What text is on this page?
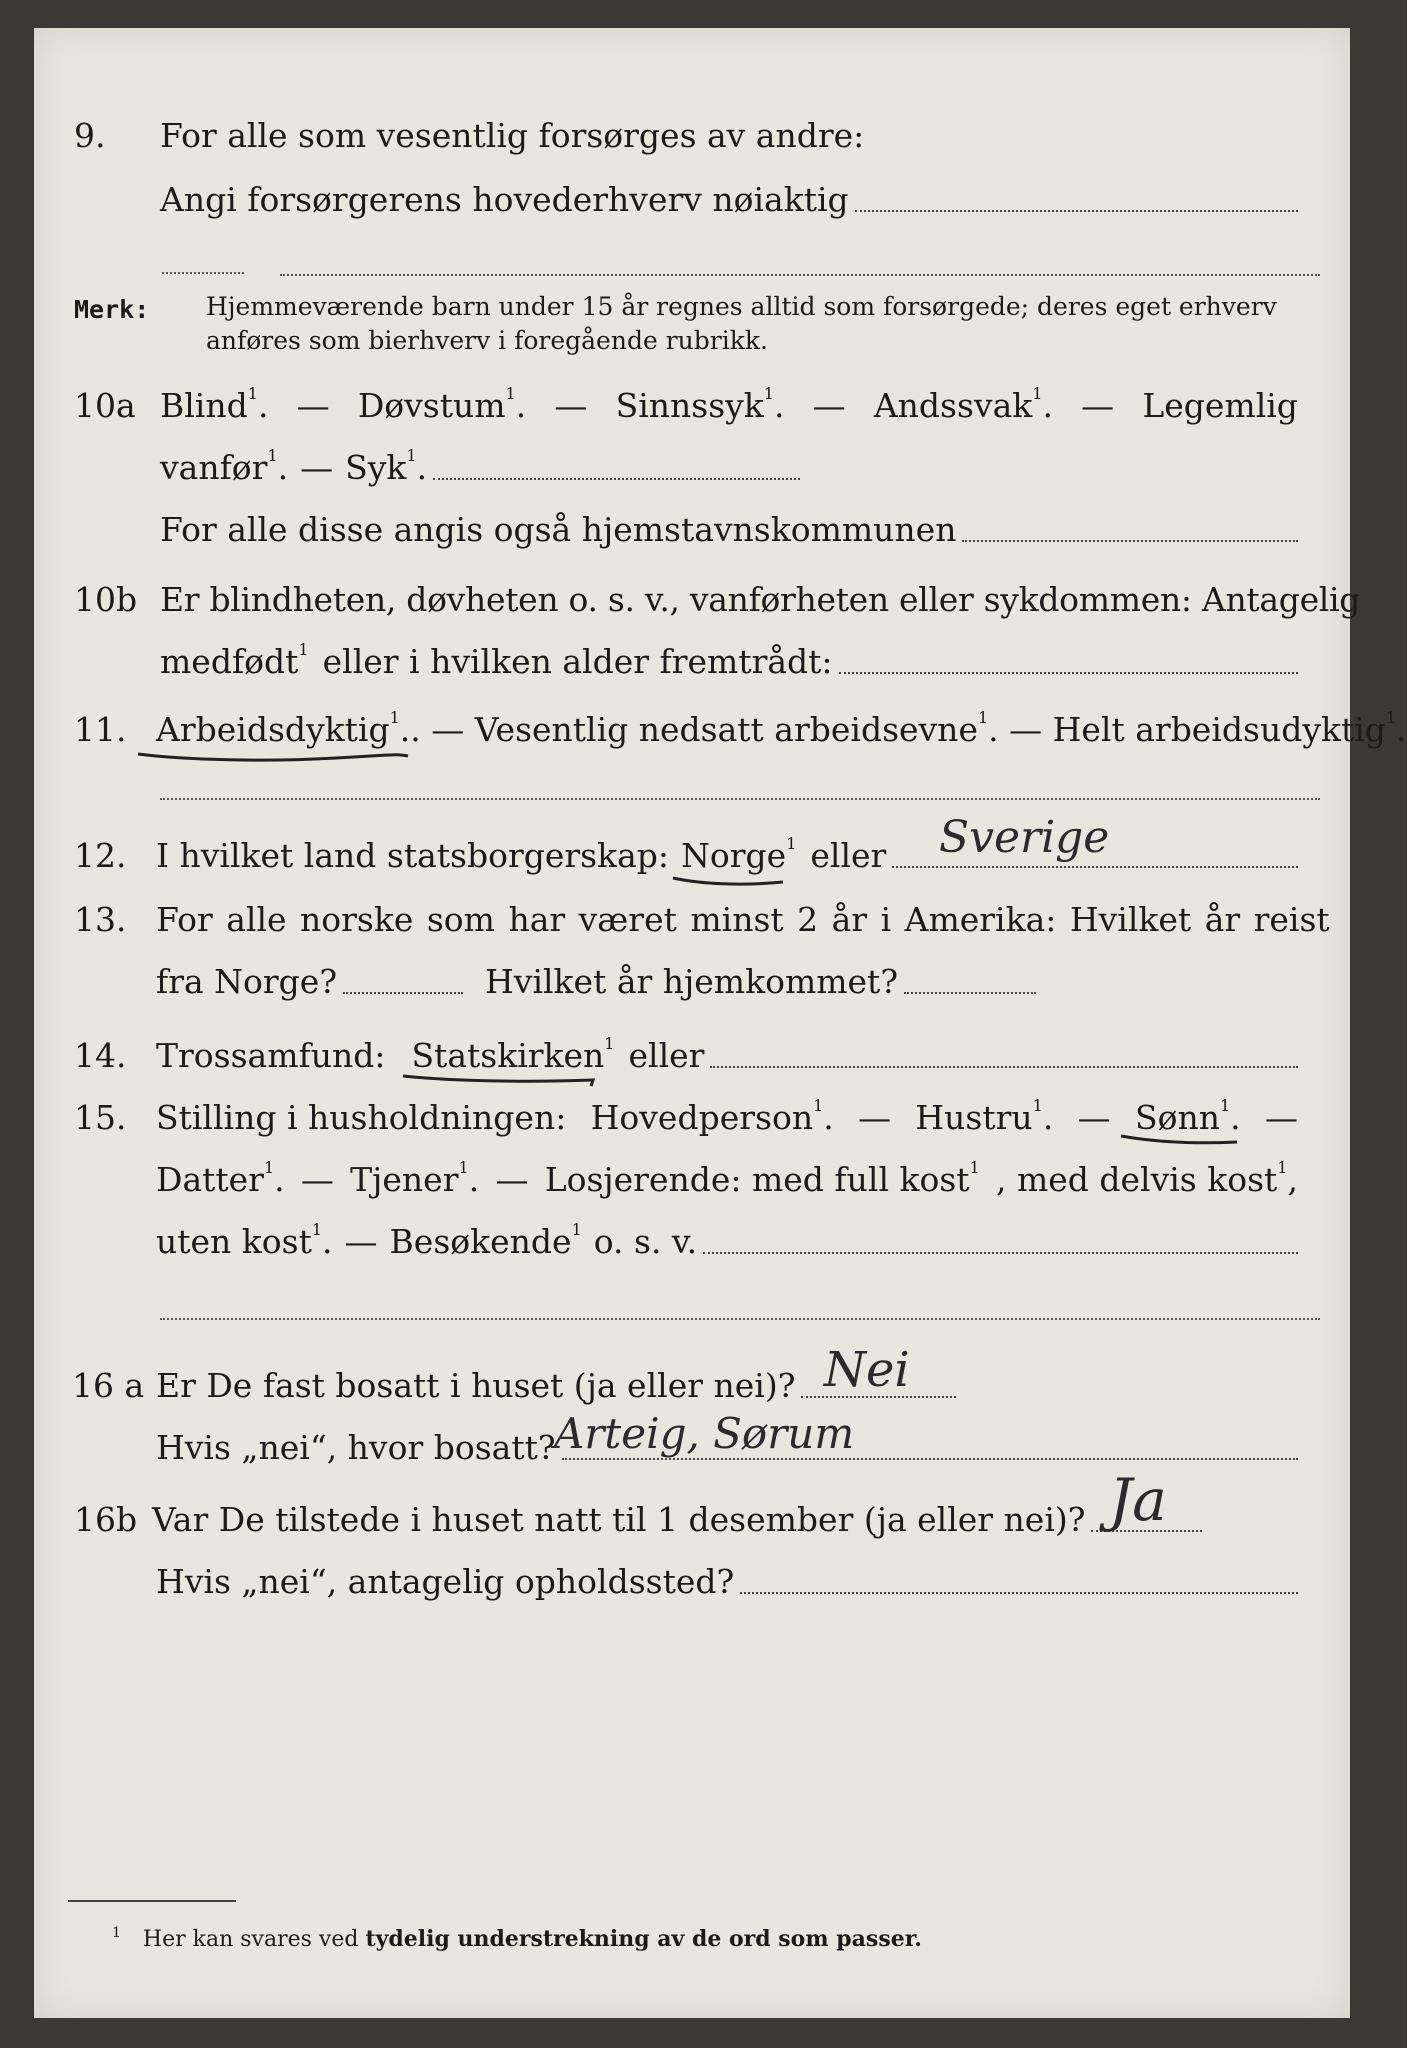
9. For alle som vesentlig forsørges av andre:
Angi forsørgerens hovederhverv nøiaktig
Merk: Hjemmeværende barn under 15 år regnes alltid som forsørgede; deres eget erhverv anføres som bierhverv i foregående rubrikk.
10a Blind$^1$. — Døvstum$^1$. — Sinnssyk$^1$. — Andssvak$^1$. — Legemlig
vanfør$^1$. — Syk$^1$.
For alle disse angis også hjemstavnskommunen
10b Er blindheten, døvheten o. s. v., vanførheten eller sykdommen: Antagelig
medfødt$^1$ eller i hvilken alder fremtrådt:
11. Arbeidsdyktig$^1$.
. — Vesentlig nedsatt arbeidsevne$^1$. — Helt arbeidsudyktig$^1$.
12. I hvilket land statsborgerskap: Norge$^1$ eller Sverige
13. For alle norske som har været minst 2 år i Amerika: Hvilket år reist
fra Norge?	Hvilket år hjemkommet?
14. Trossamfund: Statskirken$^1$ eller
15. Stilling i husholdningen: Hovedperson$^1$. — Hustru$^1$. — Sønn$^1$. —
Datter$^1$. — Tjener$^1$. — Losjerende: med full kost$^1$ , med delvis kost$^1$,
uten kost$^1$. — Besøkende$^1$ o. s. v.
16 a Er De fast bosatt i huset (ja eller nei)? Nei
Hvis „nei“, hvor bosatt?
Arteig, Sørum
16b Var De tilstede i huset natt til 1 desember (ja eller nei)? Ja
Hvis „nei“, antagelig opholdssted?
$^1$ Her kan svares ved tydelig understrekning av de ord som passer.
